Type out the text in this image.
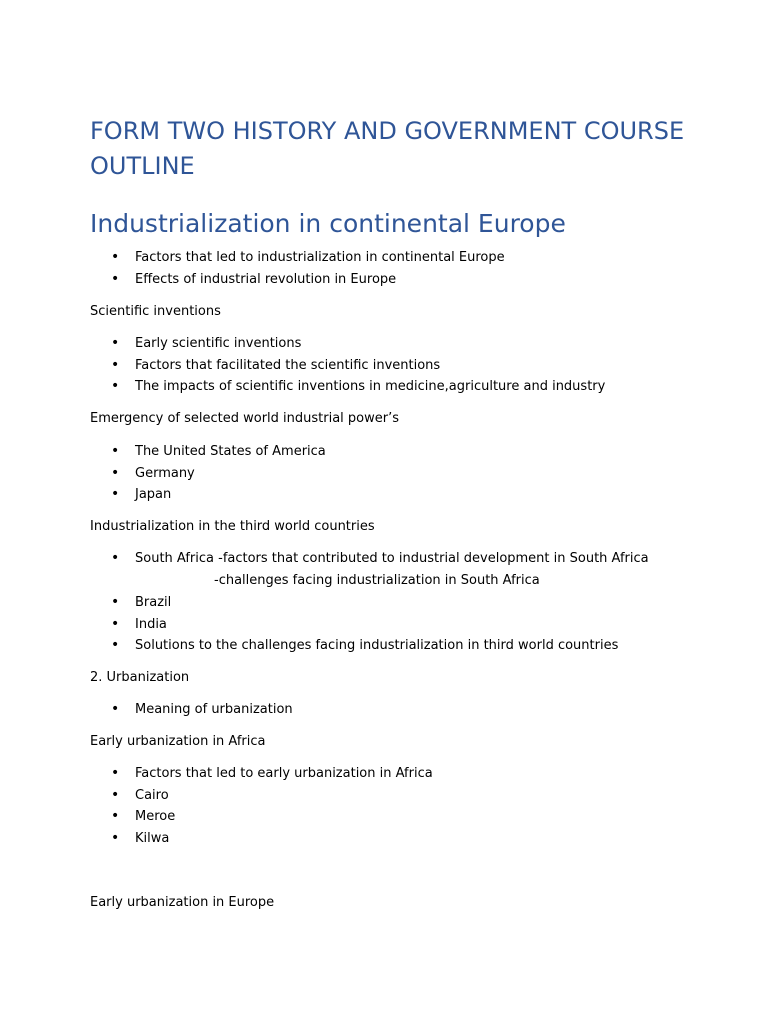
FORM TWO HISTORY AND GOVERNMENT COURSE OUTLINE
Industrialization in continental Europe
• Factors that led to industrialization in continental Europe
• Effects of industrial revolution in Europe

Scientific inventions

• Early scientific inventions
• Factors that facilitated the scientific inventions
• The impacts of scientific inventions in medicine,agriculture and industry

Emergency of selected world industrial power’s

• The United States of America
• Germany
• Japan

Industrialization in the third world countries

• South Africa -factors that contributed to industrial development in South Africa

-challenges facing industrialization in South Africa

• Brazil
• India
• Solutions to the challenges facing industrialization in third world countries

2. Urbanization

• Meaning of urbanization

Early urbanization in Africa

• Factors that led to early urbanization in Africa
• Cairo
• Meroe
• Kilwa

Early urbanization in Europe
